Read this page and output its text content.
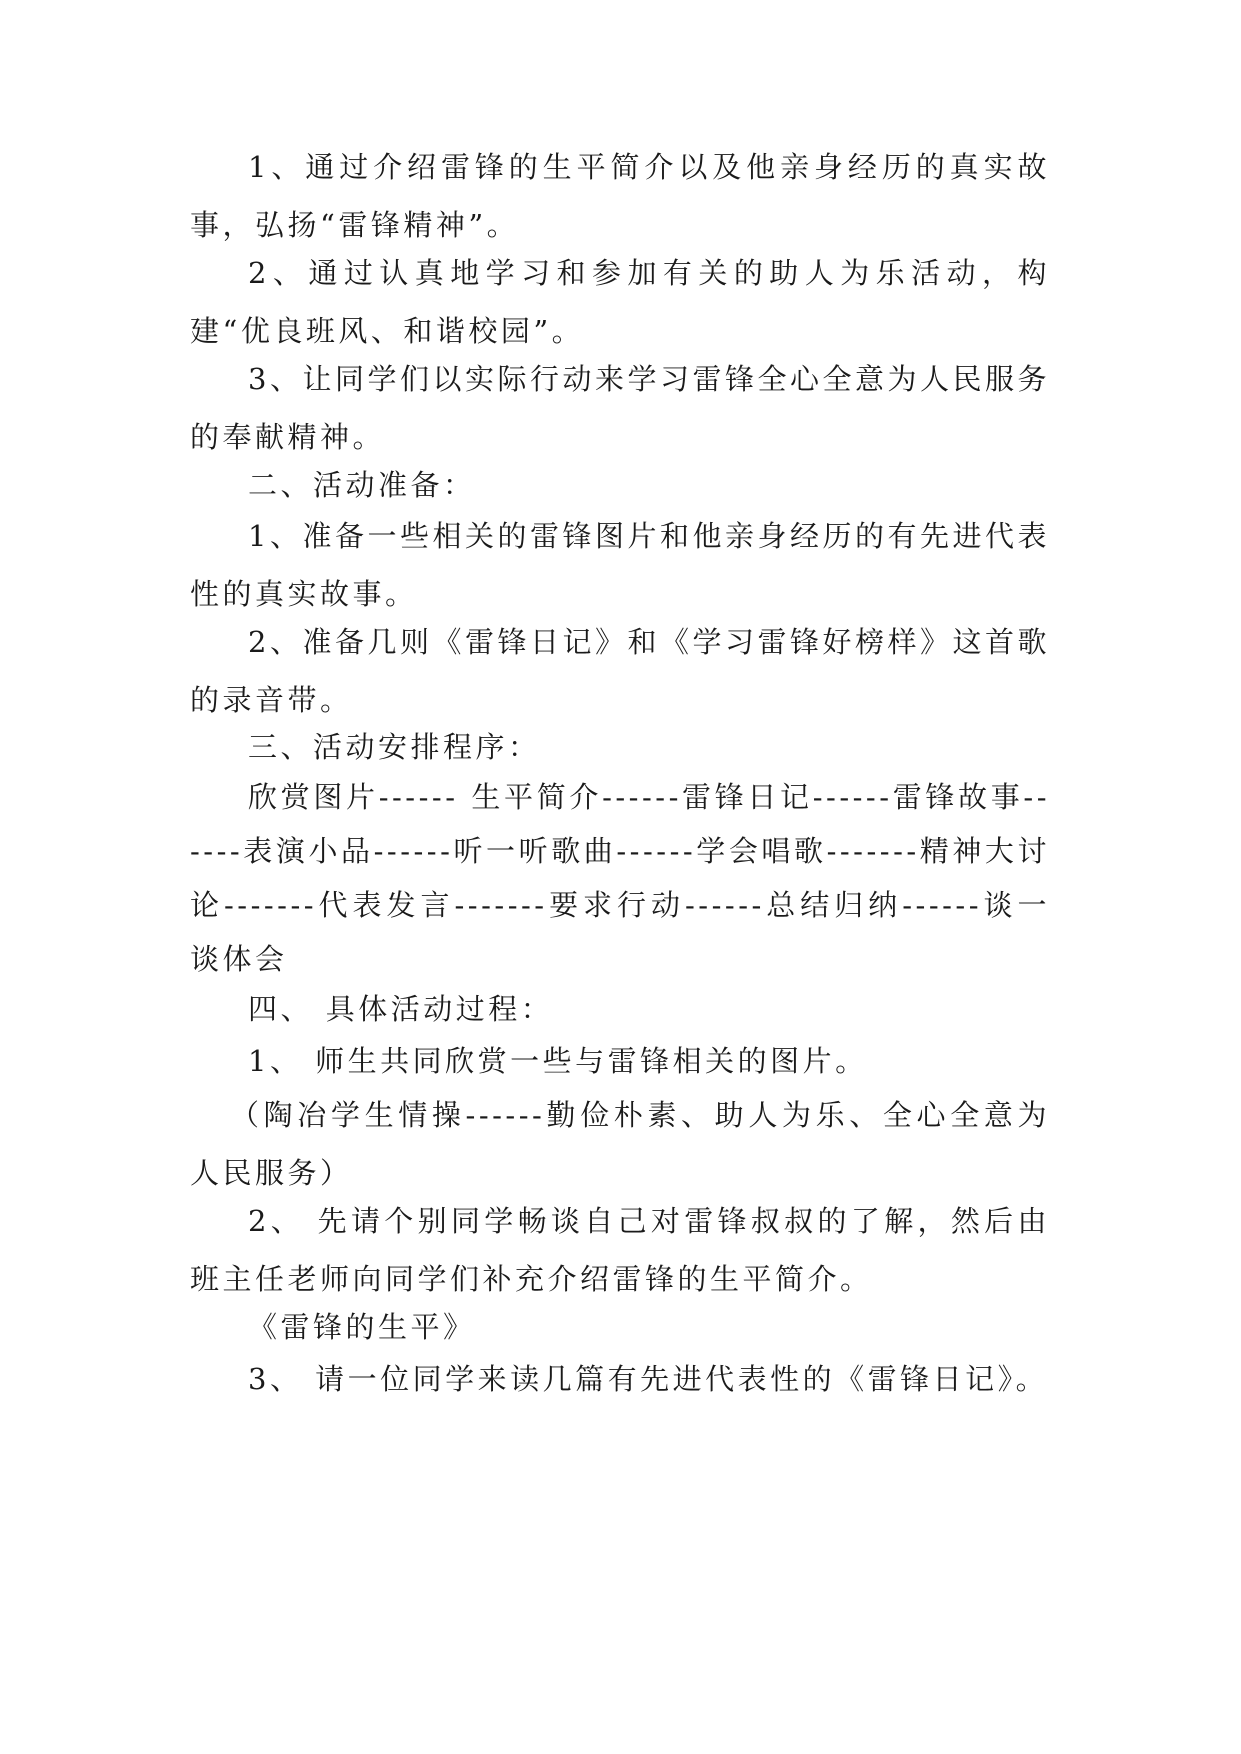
1、通过介绍雷锋的生平简介以及他亲身经历的真实故事，弘扬“雷锋精神”。

2、通过认真地学习和参加有关的助人为乐活动，构建“优良班风、和谐校园”。

3、让同学们以实际行动来学习雷锋全心全意为人民服务的奉献精神。

二、活动准备：

1、准备一些相关的雷锋图片和他亲身经历的有先进代表性的真实故事。

2、准备几则《雷锋日记》和《学习雷锋好榜样》这首歌的录音带。

三、活动安排程序：

欣赏图片------ 生平简介------雷锋日记------雷锋故事------表演小品------听一听歌曲------学会唱歌-------精神大讨论-------代表发言-------要求行动------总结归纳------谈一谈体会

四、 具体活动过程：

1、 师生共同欣赏一些与雷锋相关的图片。

（陶冶学生情操------勤俭朴素、助人为乐、全心全意为人民服务）

2、 先请个别同学畅谈自己对雷锋叔叔的了解，然后由班主任老师向同学们补充介绍雷锋的生平简介。

《雷锋的生平》

3、 请一位同学来读几篇有先进代表性的《雷锋日记》。
